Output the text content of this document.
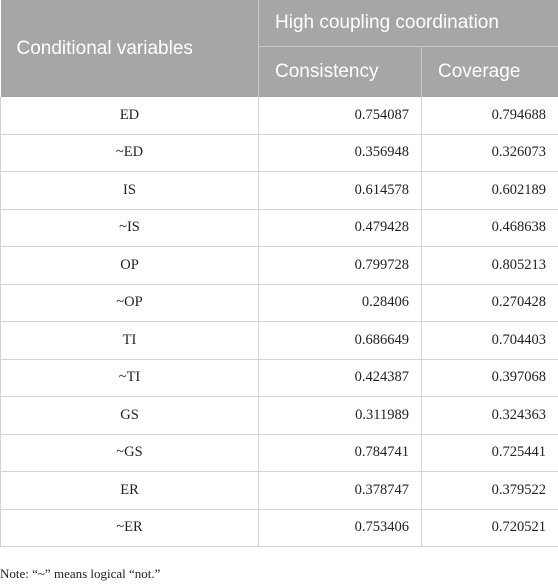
Conditional variables	High coupling coordination	
	Consistency	Coverage
ED	0.754087	0.794688
~ED	0.356948	0.326073
IS	0.614578	0.602189
~IS	0.479428	0.468638
OP	0.799728	0.805213
~OP	0.28406	0.270428
TI	0.686649	0.704403
~TI	0.424387	0.397068
GS	0.311989	0.324363
~GS	0.784741	0.725441
ER	0.378747	0.379522
~ER	0.753406	0.720521
Note: “~” means logical “not.”
